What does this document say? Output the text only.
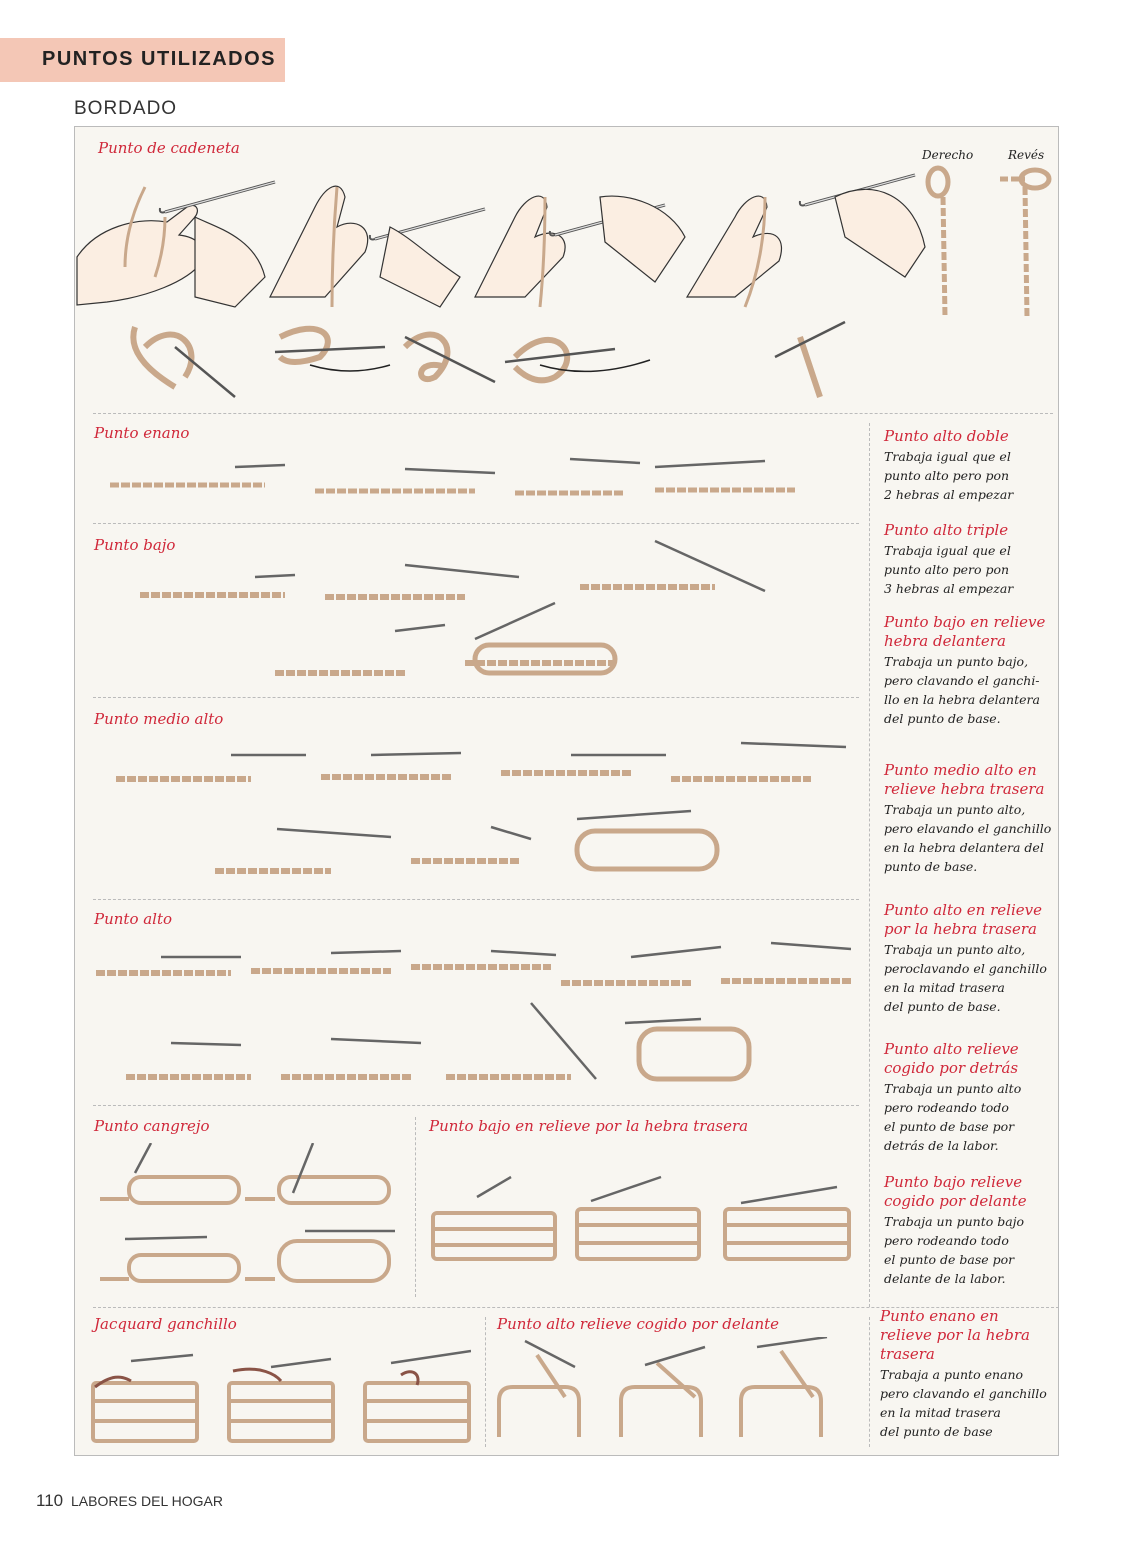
PUNTOS UTILIZADOS
BORDADO
Punto de cadeneta	Derecho	Revés
Punto enano
Punto bajo
Punto medio alto
Punto alto
Punto cangrejo	Punto bajo en relieve por la hebra trasera
Jacquard ganchillo	Punto alto relieve cogido por delante
Punto alto doble
Trabaja igual que el
punto alto pero pon
2 hebras al empezar
Punto alto triple
Trabaja igual que el
punto alto pero pon
3 hebras al empezar
Punto bajo en relieve hebra delantera
Trabaja un punto bajo,
pero clavando el ganchi-
llo en la hebra delantera
del punto de base.
Punto medio alto en relieve hebra trasera
Trabaja un punto alto,
pero elavando el ganchillo
en la hebra delantera del
punto de base.
Punto alto en relieve por la hebra trasera
Trabaja un punto alto,
peroclavando el ganchillo
en la mitad trasera
del punto de base.
Punto alto relieve cogido por detrás
Trabaja un punto alto
pero rodeando todo
el punto de base por
detrás de la labor.
Punto bajo relieve cogido por delante
Trabaja un punto bajo
pero rodeando todo
el punto de base por
delante de la labor.
Punto enano en relieve por la hebra trasera
Trabaja a punto enano
pero clavando el ganchillo
en la mitad trasera
del punto de base
110 LABORES DEL HOGAR
